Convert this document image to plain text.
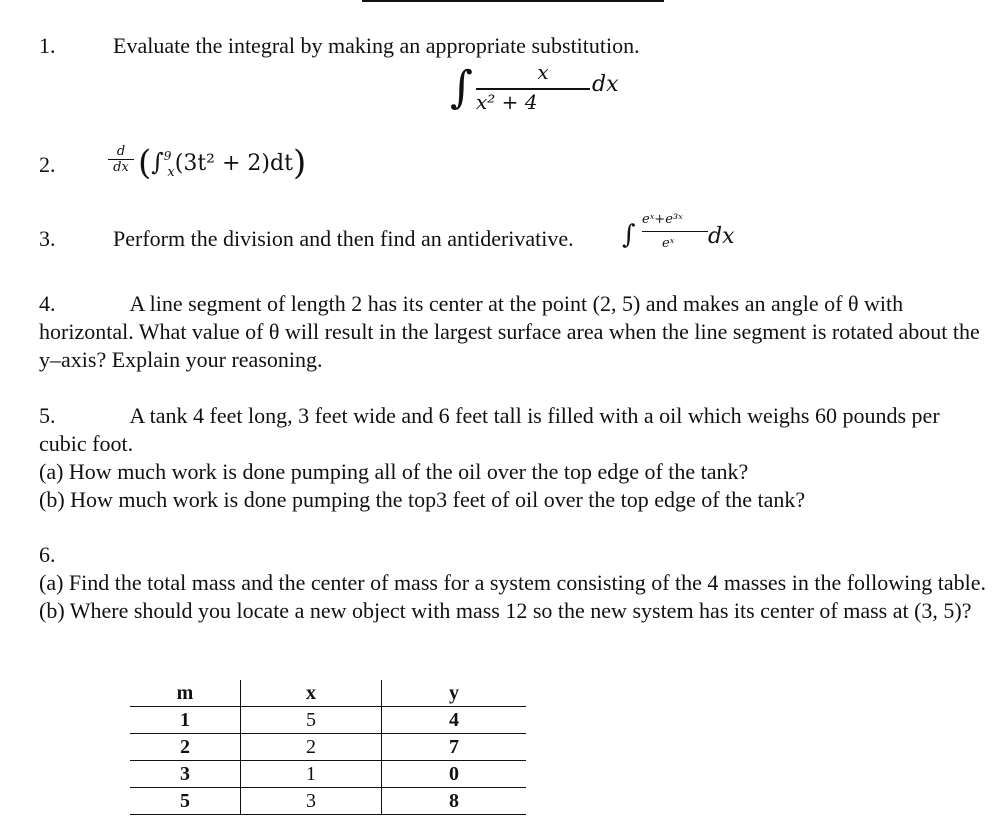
1.	Evaluate the integral by making an appropriate substitution.
∫	x
x² + 4
dx
2.	$\frac{d}{dx} (\int^9_x(3t^2 + 2)dt)$
3.	Perform the division and then find an antiderivative. ∫
eˣ+e³ˣ
eˣ dx
4.	A line segment of length 2 has its center at the point (2, 5) and makes an angle of θ with horizontal. What value of θ will result in the largest surface area when the line segment is rotated about the y–axis? Explain your reasoning.
5.	A tank 4 feet long, 3 feet wide and 6 feet tall is filled with a oil which weighs 60 pounds per cubic foot.
(a) How much work is done pumping all of the oil over the top edge of the tank?
(b) How much work is done pumping the top3 feet of oil over the top edge of the tank?
6.
(a) Find the total mass and the center of mass for a system consisting of the 4 masses in the following table.
(b) Where should you locate a new object with mass 12 so the new system has its center of mass at (3, 5)?
m	x	y
1	5	4
2	2	7
3	1	0
5	3	8
